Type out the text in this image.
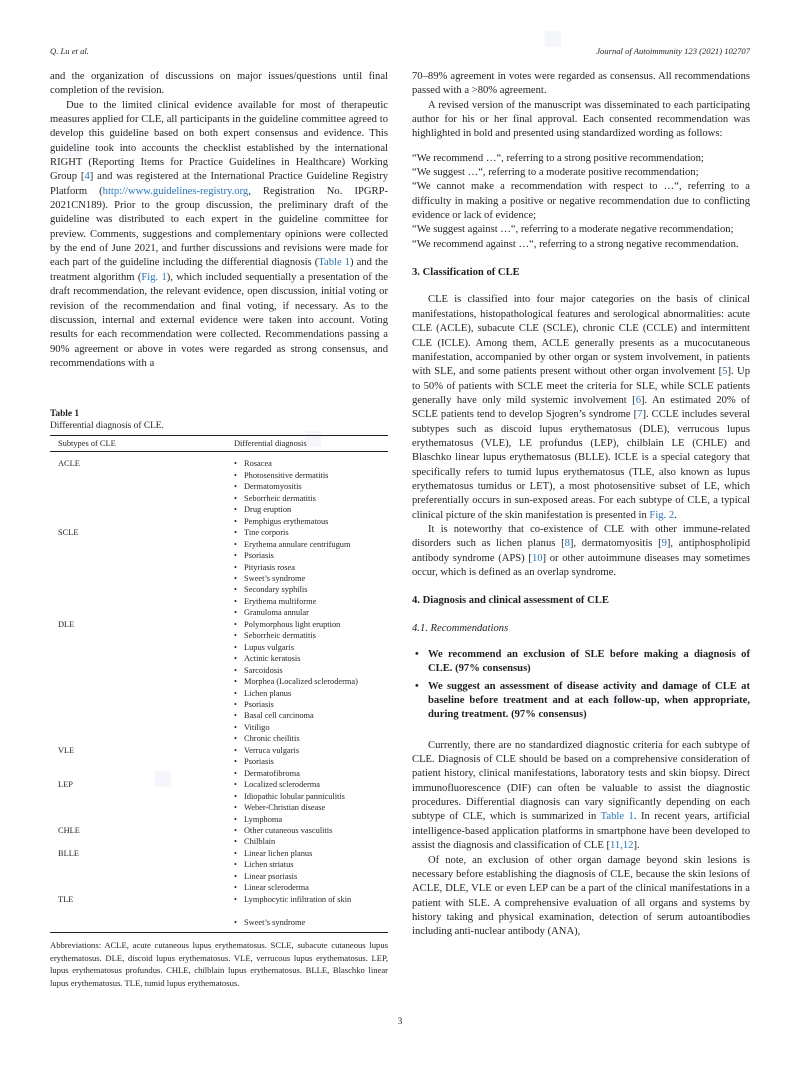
Q. Lu et al.	Journal of Autoimmunity 123 (2021) 102707

and the organization of discussions on major issues/questions until final completion of the revision.

Due to the limited clinical evidence available for most of therapeutic measures applied for CLE, all participants in the guideline committee agreed to develop this guideline based on both expert consensus and evidence. This guideline took into accounts the checklist established by the international RIGHT (Reporting Items for Practice Guidelines in Healthcare) Working Group [4] and was registered at the International Practice Guideline Registry Platform (http://www.guidelines-registry.org, Registration No. IPGRP-2021CN189). Prior to the group discussion, the preliminary draft of the guideline was distributed to each expert in the guideline committee for preview. Comments, suggestions and complementary opinions were collected by the end of June 2021, and further discussions and revisions were made for each part of the guideline including the differential diagnosis (Table 1) and the treatment algorithm (Fig. 1), which included sequentially a presentation of the draft recommendation, the relevant evidence, open discussion, initial voting or revision of the recommendation and final voting, if necessary. As to the discussion, internal and external evidence were taken into account. Voting results for each recommendation were collected. Recommendations passing a 90% agreement or above in votes were regarded as strong consensus, and recommendations with a

Table 1
Differential diagnosis of CLE.
Subtypes of CLE	Differential diagnosis
ACLE	• Rosacea
	• Photosensitive dermatitis
	• Dermatomyositis
	• Seborrheic dermatitis
	• Drug eruption
	• Pemphigus erythematous
SCLE	• Tine corporis
	• Erythema annulare centrifugum
	• Psoriasis
	• Pityriasis rosea
	• Sweet’s syndrome
	• Secondary syphilis
	• Erythema multiforme
	• Granuloma annular
DLE	• Polymorphous light eruption
	• Seborrheic dermatitis
	• Lupus vulgaris
	• Actinic keratosis
	• Sarcoidosis
	• Morphea (Localized scleroderma)
	• Lichen planus
	• Psoriasis
	• Basal cell carcinoma
	• Vitiligo
	• Chronic cheilitis
VLE	• Verruca vulgaris
	• Psoriasis
	• Dermatofibroma
LEP	• Localized scleroderma
	• Idiopathic lobular panniculitis
	• Weber-Christian disease
	• Lymphoma
CHLE	• Other cutaneous vasculitis
	• Chilblain
BLLE	• Linear lichen planus
	• Lichen striatus
	• Linear psoriasis
	• Linear scleroderma
TLE	• Lymphocytic infiltration of skin

	• Sweet’s syndrome
Abbreviations: ACLE, acute cutaneous lupus erythematosus. SCLE, subacute cutaneous lupus erythematosus. DLE, discoid lupus erythematosus. VLE, verrucous lupus erythematosus. LEP, lupus erythematosus profundus. CHLE, chilblain lupus erythematosus. BLLE, Blaschko linear lupus erythematosus. TLE, tumid lupus erythematosus.

70–89% agreement in votes were regarded as consensus. All recommendations passed with a >80% agreement.

A revised version of the manuscript was disseminated to each participating author for his or her final approval. Each consented recommendation was highlighted in bold and presented using standardized wording as follows:

“We recommend …“, referring to a strong positive recommendation;

“We suggest …“, referring to a moderate positive recommendation;

“We cannot make a recommendation with respect to …“, referring to a difficulty in making a positive or negative recommendation due to conflicting evidence or lack of evidence;

“We suggest against …“, referring to a moderate negative recommendation;

“We recommend against …“, referring to a strong negative recommendation.

3. Classification of CLE

CLE is classified into four major categories on the basis of clinical manifestations, histopathological features and serological abnormalities: acute CLE (ACLE), subacute CLE (SCLE), chronic CLE (CCLE) and intermittent CLE (ICLE). Among them, ACLE generally presents as a mucocutaneous manifestation, accompanied by other organ or system involvement, in patients with SLE, and some patients present without other organ involvement [5]. Up to 50% of patients with SCLE meet the criteria for SLE, while SCLE patients generally have only mild systemic involvement [6]. An estimated 20% of SCLE patients tend to develop Sjogren’s syndrome [7]. CCLE includes several subtypes such as discoid lupus erythematosus (DLE), verrucous lupus erythematosus (VLE), LE profundus (LEP), chilblain LE (CHLE) and Blaschko linear lupus erythematosus (BLLE). ICLE is a special category that specifically refers to tumid lupus erythematosus (TLE, also known as lupus erythematosus tumidus or LET), a most photosensitive subset of LE, which preferentially occurs in sun-exposed areas. For each subtype of CLE, a typical clinical picture of the skin manifestation is presented in Fig. 2.

It is noteworthy that co-existence of CLE with other immune-related disorders such as lichen planus [8], dermatomyositis [9], antiphospholipid antibody syndrome (APS) [10] or other autoimmune diseases may sometimes occur, which is defined as an overlap syndrome.

4. Diagnosis and clinical assessment of CLE

4.1. Recommendations

• We recommend an exclusion of SLE before making a diagnosis of CLE. (97% consensus)
• We suggest an assessment of disease activity and damage of CLE at baseline before treatment and at each follow-up, when appropriate, during treatment. (97% consensus)

Currently, there are no standardized diagnostic criteria for each subtype of CLE. Diagnosis of CLE should be based on a comprehensive consideration of patient history, clinical manifestations, laboratory tests and skin biopsy. Direct immunofluorescence (DIF) can often be valuable to assist the diagnostic procedures. Differential diagnosis can vary significantly depending on each subtype of CLE, which is summarized in Table 1. In recent years, artificial intelligence-based application platforms in smartphone have been developed to assist the diagnosis and classification of CLE [11,12].

Of note, an exclusion of other organ damage beyond skin lesions is necessary before establishing the diagnosis of CLE, because the skin lesions of ACLE, DLE, VLE or even LEP can be a part of the clinical manifestations in a patient with SLE. A comprehensive evaluation of all organs and systems by history taking and physical examination, detection of serum autoantibodies including anti-nuclear antibody (ANA),

3
◆
◆
◆
◆
◆
